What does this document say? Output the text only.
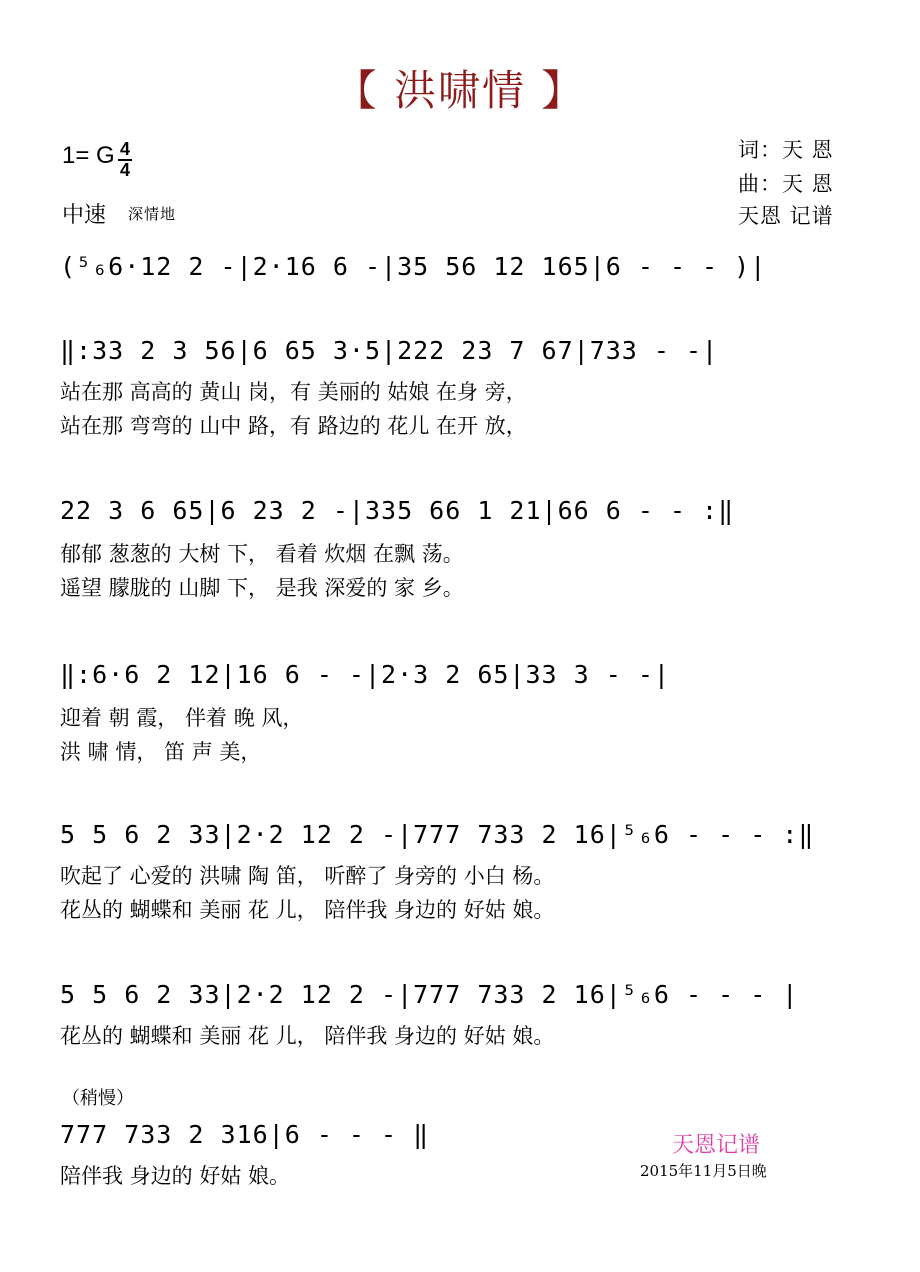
【 洪啸情 】
1= G 4
4
中速 深情地
词：天 恩
曲：天 恩
天恩 记谱
(⁵₆6·12 2 -|2·16 6 -|35 56 12 165|6 - - - )|
‖:33 2 3 56|6 65 3·5|222 23 7 67|733 - -|
站在那 高高的 黄山 岗，有 美丽的 姑娘 在身 旁，
站在那 弯弯的 山中 路，有 路边的 花儿 在开 放，
22 3 6 65|6 23 2 -|335 66 1 21|66 6 - - :‖
郁郁 葱葱的 大树 下， 看着 炊烟 在飘 荡。
遥望 朦胧的 山脚 下， 是我 深爱的 家 乡。
‖:6·6 2 12|16 6 - -|2·3 2 65|33 3 - -|
迎着 朝 霞， 伴着 晚 风，
洪 啸 情， 笛 声 美，
5 5 6 2 33|2·2 12 2 -|777 733 2 16|⁵₆6 - - - :‖
吹起了 心爱的 洪啸 陶 笛， 听醉了 身旁的 小白 杨。
花丛的 蝴蝶和 美丽 花 儿， 陪伴我 身边的 好姑 娘。
5 5 6 2 33|2·2 12 2 -|777 733 2 16|⁵₆6 - - - |
花丛的 蝴蝶和 美丽 花 儿， 陪伴我 身边的 好姑 娘。
（稍慢）
777 733 2 316|6 - - - ‖
陪伴我 身边的 好姑 娘。
天恩记谱
2015年11月5日晚
